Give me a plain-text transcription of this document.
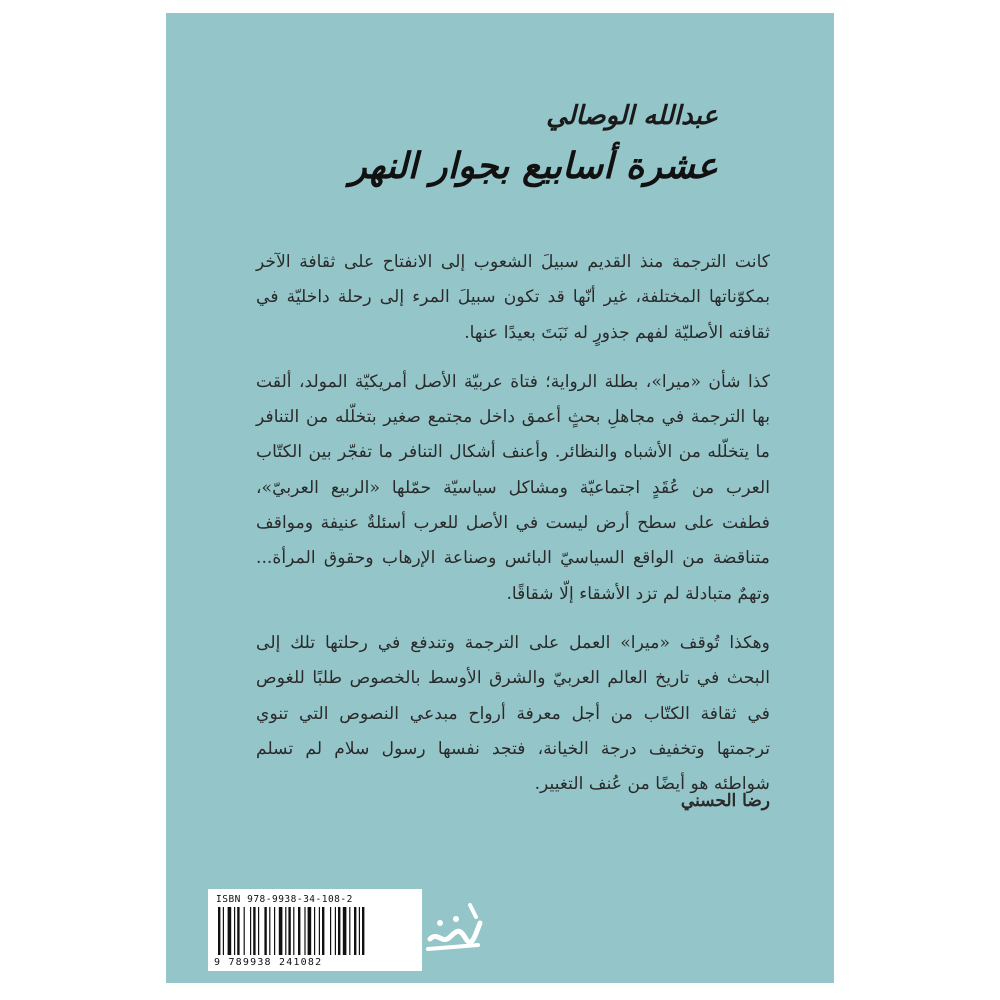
عبدالله الوصالي
عشرة أسابيع بجوار النهر

كانت الترجمة منذ القديم سبيلَ الشعوب إلى الانفتاح على ثقافة الآخر بمكوّناتها المختلفة، غير أنّها قد تكون سبيلَ المرء إلى رحلة داخليّة في ثقافته الأصليّة لفهم جذورٍ له نَبَتَ بعيدًا عنها.

كذا شأن «ميرا»، بطلة الرواية؛ فتاة عربيّة الأصل أمريكيّة المولد، ألقت بها الترجمة في مجاهلِ بحثٍ أعمق داخل مجتمع صغير بتخلّله من التنافر ما يتخلّله من الأشباه والنظائر. وأعنف أشكال التنافر ما تفجّر بين الكتّاب العرب من عُقَدٍ اجتماعيّة ومشاكل سياسيّة حمّلها «الربيع العربيّ»، فطفت على سطح أرض ليست في الأصل للعرب أسئلةٌ عنيفة ومواقف متناقضة من الواقع السياسيّ البائس وصناعة الإرهاب وحقوق المرأة... وتهمٌ متبادلة لم تزد الأشقاء إلّا شقاقًا.

وهكذا تُوقف «ميرا» العمل على الترجمة وتندفع في رحلتها تلك إلى البحث في تاريخ العالم العربيّ والشرق الأوسط بالخصوص طلبًا للغوص في ثقافة الكتّاب من أجل معرفة أرواح مبدعي النصوص التي تنوي ترجمتها وتخفيف درجة الخيانة، فتجد نفسها رسول سلام لم تسلم شواطئه هو أيضًا من عُنف التغيير.

رضا الحسني
ISBN 978-9938-34-108-2
9 789938 241082
